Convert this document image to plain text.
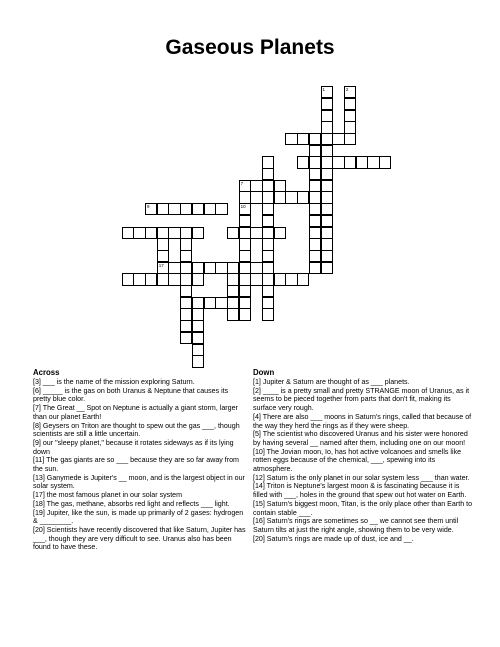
Gaseous Planets
1	2
10
17
7
9
Across

[3] ___ is the name of the mission exploring Saturn.

[6] _____ is the gas on both Uranus & Neptune that causes its pretty blue color.

[7] The Great __ Spot on Neptune is actually a giant storm, larger than our planet Earth!

[8] Geysers on Triton are thought to spew out the gas ___, though scientists are still a little uncertain.

[9] our "sleepy planet," because it rotates sideways as if its lying down

[11] The gas giants are so ___ because they are so far away from the sun.

[13] Ganymede is Jupiter's __ moon, and is the largest object in our solar system.

[17] the most famous planet in our solar system

[18] The gas, methane, absorbs red light and reflects ___ light.

[19] Jupiter, like the sun, is made up primarily of 2 gases: hydrogen & ________.

[20] Scientists have recently discovered that like Saturn, Jupiter has ___, though they are very difficult to see. Uranus also has been found to have these.

Down

[1] Jupiter & Saturn are thought of as ___ planets.

[2] ____ is a pretty small and pretty STRANGE moon of Uranus, as it seems to be pieced together from parts that don't fit, making its surface very rough.

[4] There are also ___ moons in Saturn's rings, called that because of the way they herd the rings as if they were sheep.

[5] The scientist who discovered Uranus and his sister were honored by having several __ named after them, including one on our moon!

[10] The Jovian moon, Io, has hot active volcanoes and smells like rotten eggs because of the chemical, ___, spewing into its atmosphere.

[12] Saturn is the only planet in our solar system less ___ than water.

[14] Triton is Neptune's largest moon & is fascinating because it is filled with ___, holes in the ground that spew out hot water on Earth.

[15] Saturn's biggest moon, Titan, is the only place other than Earth to contain stable ___.

[16] Saturn's rings are sometimes so __ we cannot see them until Saturn tilts at just the right angle, showing them to be very wide.

[20] Saturn's rings are made up of dust, ice and __.
